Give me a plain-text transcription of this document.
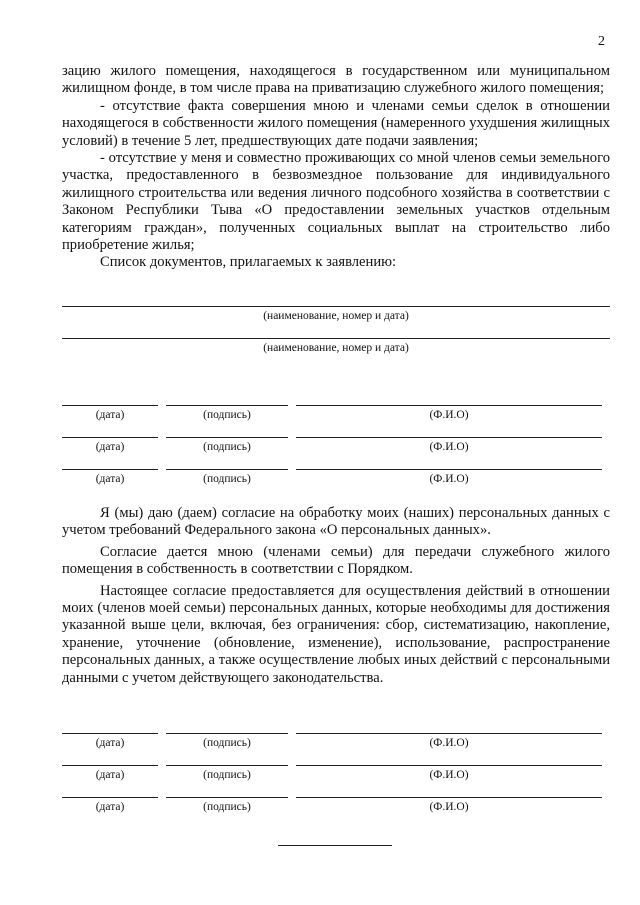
2

зацию жилого помещения, находящегося в государственном или муниципальном жилищном фонде, в том числе права на приватизацию служебного жилого помещения;

- отсутствие факта совершения мною и членами семьи сделок в отношении находящегося в собственности жилого помещения (намеренного ухудшения жилищных условий) в течение 5 лет, предшествующих дате подачи заявления;

- отсутствие у меня и совместно проживающих со мной членов семьи земельного участка, предоставленного в безвозмездное пользование для индивидуального жилищного строительства или ведения личного подсобного хозяйства в соответствии с Законом Республики Тыва «О предоставлении земельных участков отдельным категориям граждан», полученных социальных выплат на строительство либо приобретение жилья;

Список документов, прилагаемых к заявлению:

(наименование, номер и дата)
(наименование, номер и дата)
(дата)	(подпись)	(Ф.И.О)
(дата)	(подпись)	(Ф.И.О)
(дата)	(подпись)	(Ф.И.О)

Я (мы) даю (даем) согласие на обработку моих (наших) персональных данных с учетом требований Федерального закона «О персональных данных».

Согласие дается мною (членами семьи) для передачи служебного жилого помещения в собственность в соответствии с Порядком.

Настоящее согласие предоставляется для осуществления действий в отношении моих (членов моей семьи) персональных данных, которые необходимы для достижения указанной выше цели, включая, без ограничения: сбор, систематизацию, накопление, хранение, уточнение (обновление, изменение), использование, распространение персональных данных, а также осуществление любых иных действий с персональными данными с учетом действующего законодательства.

(дата)	(подпись)	(Ф.И.О)
(дата)	(подпись)	(Ф.И.О)
(дата)	(подпись)	(Ф.И.О)
